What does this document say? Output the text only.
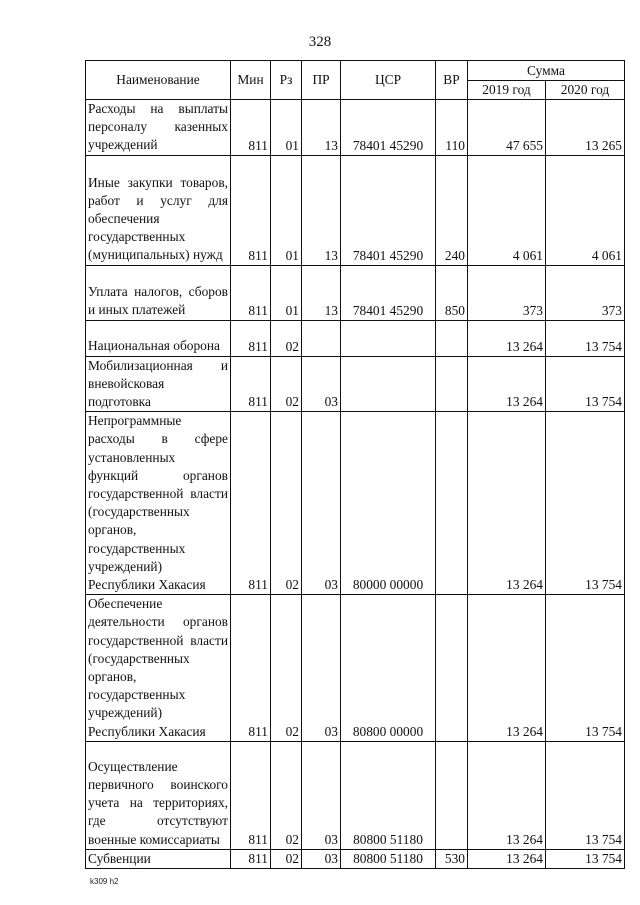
328
Наименование	Мин	Рз	ПР	ЦСР	ВР	Сумма	
						2019 год	2020 год
Расходы на выплаты персоналу казенных учреждений	811	01	13	78401 45290	110	47 655	13 265
Иные закупки товаров, работ и услуг для обеспечения государственных (муниципальных) нужд	811	01	13	78401 45290	240	4 061	4 061
Уплата налогов, сборов и иных платежей	811	01	13	78401 45290	850	373	373
Национальная оборона	811	02				13 264	13 754
Мобилизационная и вневойсковая подготовка	811	02	03			13 264	13 754
Непрограммные расходы в сфере установленных функций органов государственной власти (государственных органов, государственных учреждений) Республики Хакасия	811	02	03	80000 00000		13 264	13 754
Обеспечение деятельности органов государственной власти (государственных органов, государственных учреждений) Республики Хакасия	811	02	03	80800 00000		13 264	13 754
Осуществление первичного воинского учета на территориях, где отсутствуют военные комиссариаты	811	02	03	80800 51180		13 264	13 754
Субвенции	811	02	03	80800 51180	530	13 264	13 754
k309 h2
